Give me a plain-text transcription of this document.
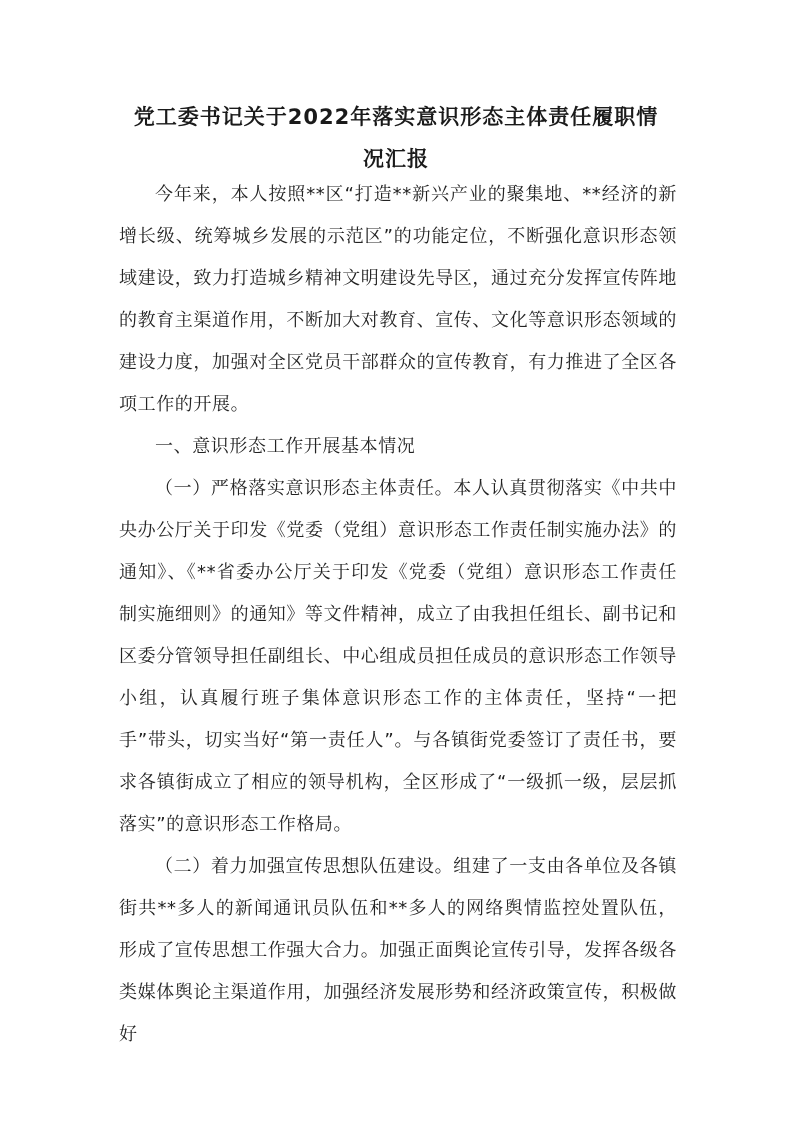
党工委书记关于2022年落实意识形态主体责任履职情
况汇报

今年来，本人按照**区“打造**新兴产业的聚集地、**经济的新增长级、统筹城乡发展的示范区”的功能定位，不断强化意识形态领域建设，致力打造城乡精神文明建设先导区，通过充分发挥宣传阵地的教育主渠道作用，不断加大对教育、宣传、文化等意识形态领域的建设力度，加强对全区党员干部群众的宣传教育，有力推进了全区各项工作的开展。

一、意识形态工作开展基本情况

（一）严格落实意识形态主体责任。本人认真贯彻落实《中共中央办公厅关于印发《党委（党组）意识形态工作责任制实施办法》的通知》、《**省委办公厅关于印发《党委（党组）意识形态工作责任制实施细则》的通知》等文件精神，成立了由我担任组长、副书记和区委分管领导担任副组长、中心组成员担任成员的意识形态工作领导小组，认真履行班子集体意识形态工作的主体责任，坚持“一把手”带头，切实当好“第一责任人”。与各镇街党委签订了责任书，要求各镇街成立了相应的领导机构，全区形成了“一级抓一级，层层抓落实”的意识形态工作格局。

（二）着力加强宣传思想队伍建设。组建了一支由各单位及各镇街共**多人的新闻通讯员队伍和**多人的网络舆情监控处置队伍，形成了宣传思想工作强大合力。加强正面舆论宣传引导，发挥各级各类媒体舆论主渠道作用，加强经济发展形势和经济政策宣传，积极做好
